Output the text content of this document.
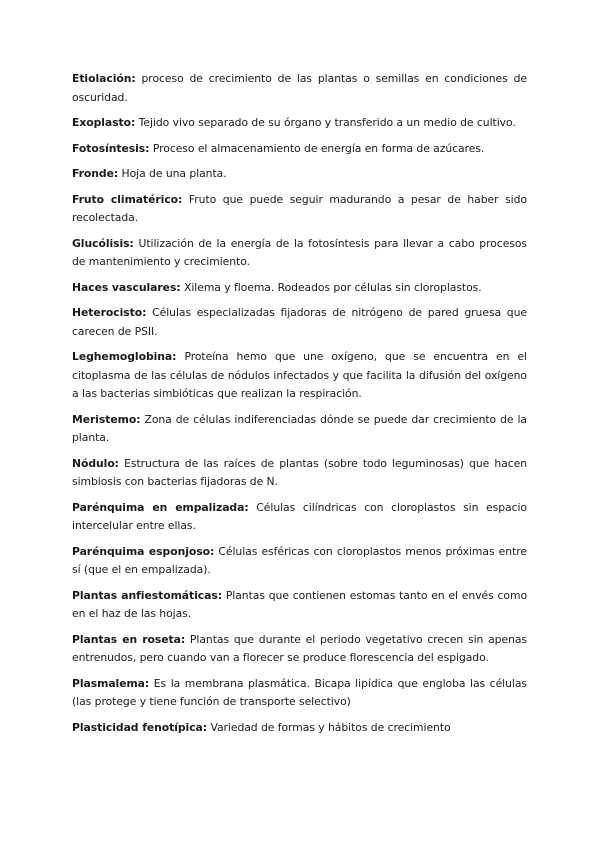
Etiolación: proceso de crecimiento de las plantas o semillas en condiciones de oscuridad.

Exoplasto: Tejido vivo separado de su órgano y transferido a un medio de cultivo.

Fotosíntesis: Proceso el almacenamiento de energía en forma de azúcares.

Fronde: Hoja de una planta.

Fruto climatérico: Fruto que puede seguir madurando a pesar de haber sido recolectada.

Glucólisis: Utilización de la energía de la fotosíntesis para llevar a cabo procesos de mantenimiento y crecimiento.

Haces vasculares: Xilema y floema. Rodeados por células sin cloroplastos.

Heterocisto: Células especializadas fijadoras de nitrógeno de pared gruesa que carecen de PSII.

Leghemoglobina: Proteína hemo que une oxígeno, que se encuentra en el citoplasma de las células de nódulos infectados y que facilita la difusión del oxígeno a las bacterias simbióticas que realizan la respiración.

Meristemo: Zona de células indiferenciadas dónde se puede dar crecimiento de la planta.

Nódulo: Estructura de las raíces de plantas (sobre todo leguminosas) que hacen simbiosis con bacterias fijadoras de N.

Parénquima en empalizada: Células cilíndricas con cloroplastos sin espacio intercelular entre ellas.

Parénquima esponjoso: Células esféricas con cloroplastos menos próximas entre sí (que el en empalizada).

Plantas anfiestomáticas: Plantas que contienen estomas tanto en el envés como en el haz de las hojas.

Plantas en roseta: Plantas que durante el periodo vegetativo crecen sin apenas entrenudos, pero cuando van a florecer se produce florescencia del espigado.

Plasmalema: Es la membrana plasmática. Bicapa lipídica que engloba las células (las protege y tiene función de transporte selectivo)

Plasticidad fenotípica: Variedad de formas y hábitos de crecimiento
